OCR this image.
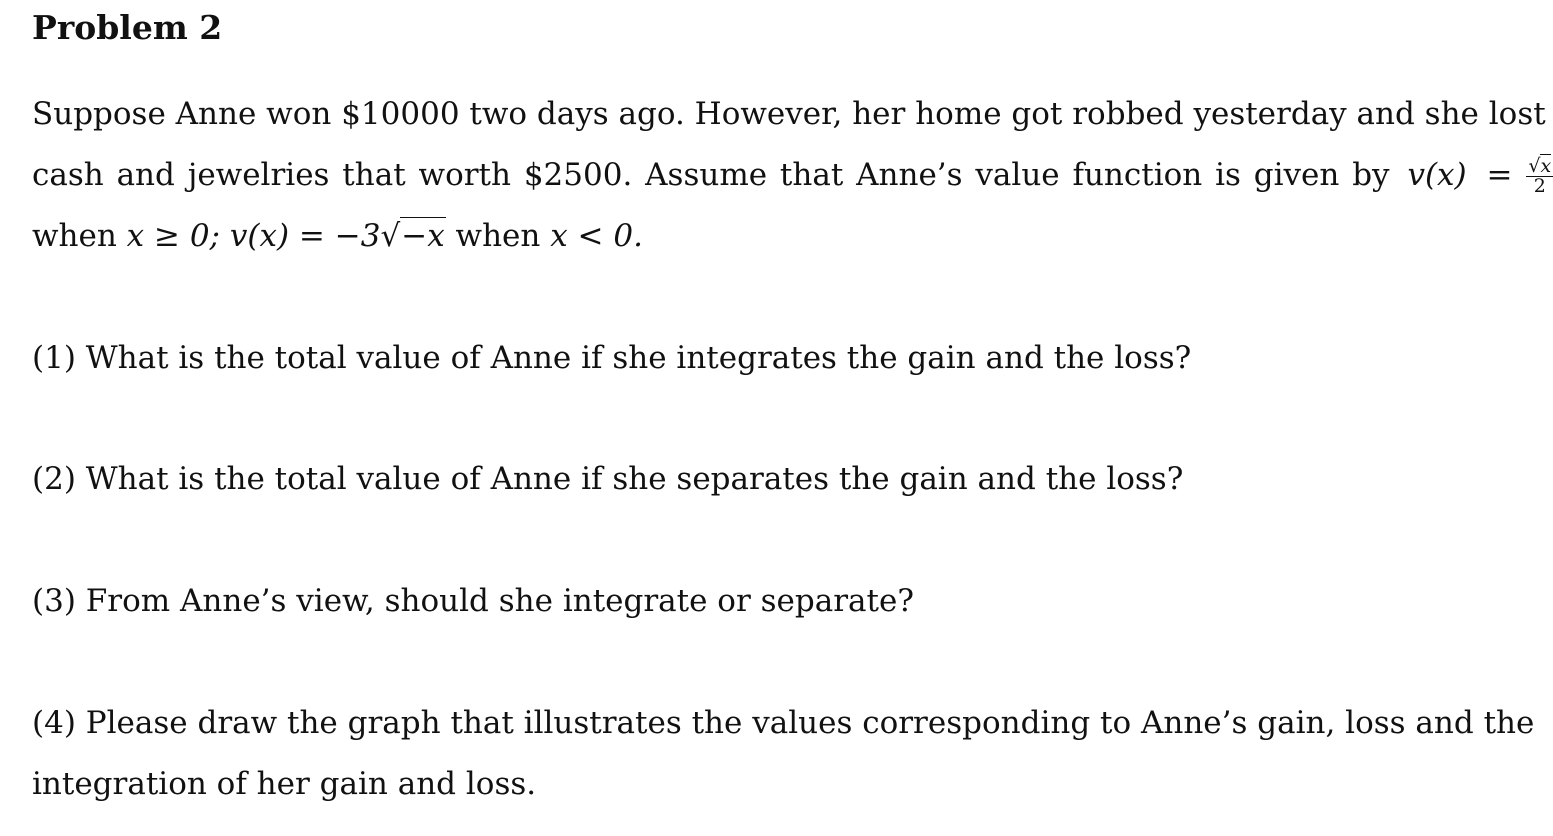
Problem 2
Suppose Anne won $10000 two days ago. However, her home got robbed yesterday and she lost
cash and jewelries that worth $2500. Assume that Anne’s value function is given by $v(x) = \frac{√x}{2}$
when x ≥ 0; v(x) = −3√−x when x < 0.
(1) What is the total value of Anne if she integrates the gain and the loss?
(2) What is the total value of Anne if she separates the gain and the loss?
(3) From Anne’s view, should she integrate or separate?
(4) Please draw the graph that illustrates the values corresponding to Anne’s gain, loss and the
integration of her gain and loss.
